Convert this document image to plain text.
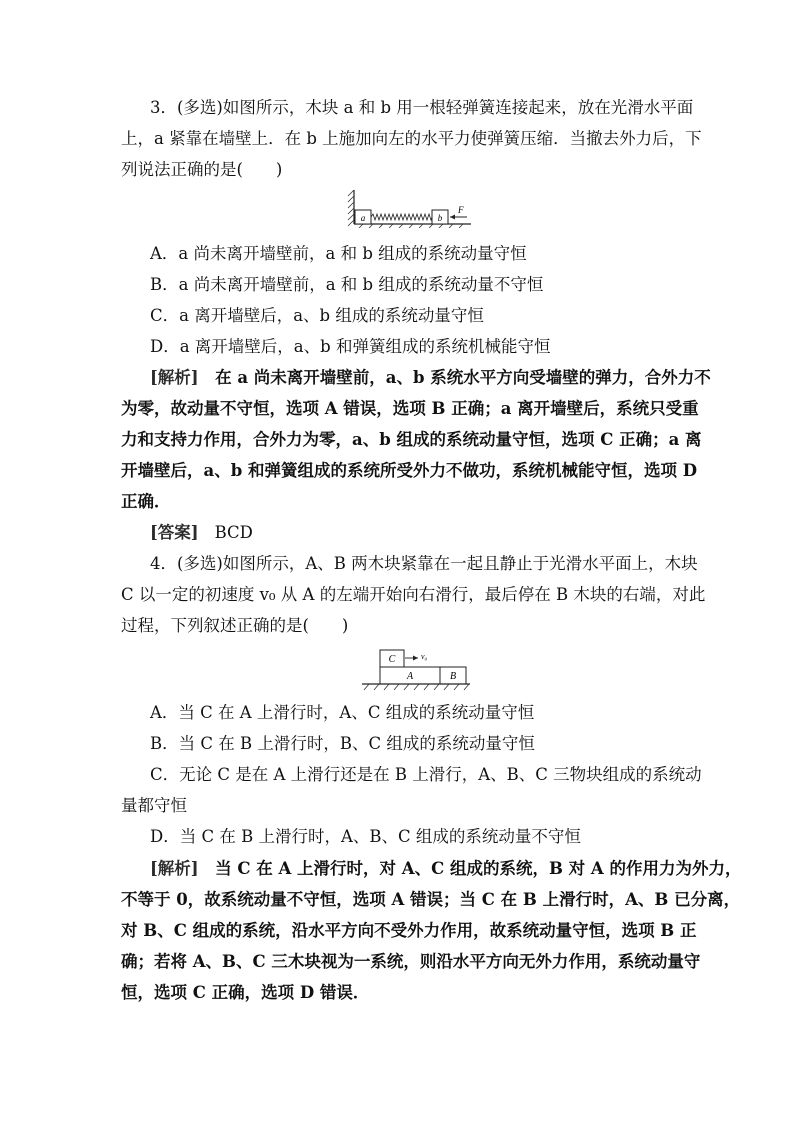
3．(多选)如图所示，木块 a 和 b 用一根轻弹簧连接起来，放在光滑水平面
上，a 紧靠在墙壁上．在 b 上施加向左的水平力使弹簧压缩．当撤去外力后，下
列说法正确的是(　　)
a	b
F
A．a 尚未离开墙壁前，a 和 b 组成的系统动量守恒
B．a 尚未离开墙壁前，a 和 b 组成的系统动量不守恒
C．a 离开墙壁后，a、b 组成的系统动量守恒
D．a 离开墙壁后，a、b 和弹簧组成的系统机械能守恒
[解析]　 在 a 尚未离开墙壁前，a、b 系统水平方向受墙壁的弹力，合外力不
为零，故动量不守恒，选项 A 错误，选项 B 正确；a 离开墙壁后，系统只受重
力和支持力作用，合外力为零，a、b 组成的系统动量守恒，选项 C 正确；a 离
开墙壁后，a、b 和弹簧组成的系统所受外力不做功，系统机械能守恒，选项 D
正确．
[答案] BCD
4．(多选)如图所示，A、B 两木块紧靠在一起且静止于光滑水平面上，木块
C 以一定的初速度 v₀ 从 A 的左端开始向右滑行，最后停在 B 木块的右端，对此
过程，下列叙述正确的是(　　)
C	v₀
A	B
A．当 C 在 A 上滑行时，A、C 组成的系统动量守恒
B．当 C 在 B 上滑行时，B、C 组成的系统动量守恒
C．无论 C 是在 A 上滑行还是在 B 上滑行，A、B、C 三物块组成的系统动
量都守恒
D．当 C 在 B 上滑行时，A、B、C 组成的系统动量不守恒
[解析]　 当 C 在 A 上滑行时，对 A、C 组成的系统，B 对 A 的作用力为外力，
不等于 0，故系统动量不守恒，选项 A 错误；当 C 在 B 上滑行时，A、B 已分离，
对 B、C 组成的系统，沿水平方向不受外力作用，故系统动量守恒，选项 B 正
确；若将 A、B、C 三木块视为一系统，则沿水平方向无外力作用，系统动量守
恒，选项 C 正确，选项 D 错误．
